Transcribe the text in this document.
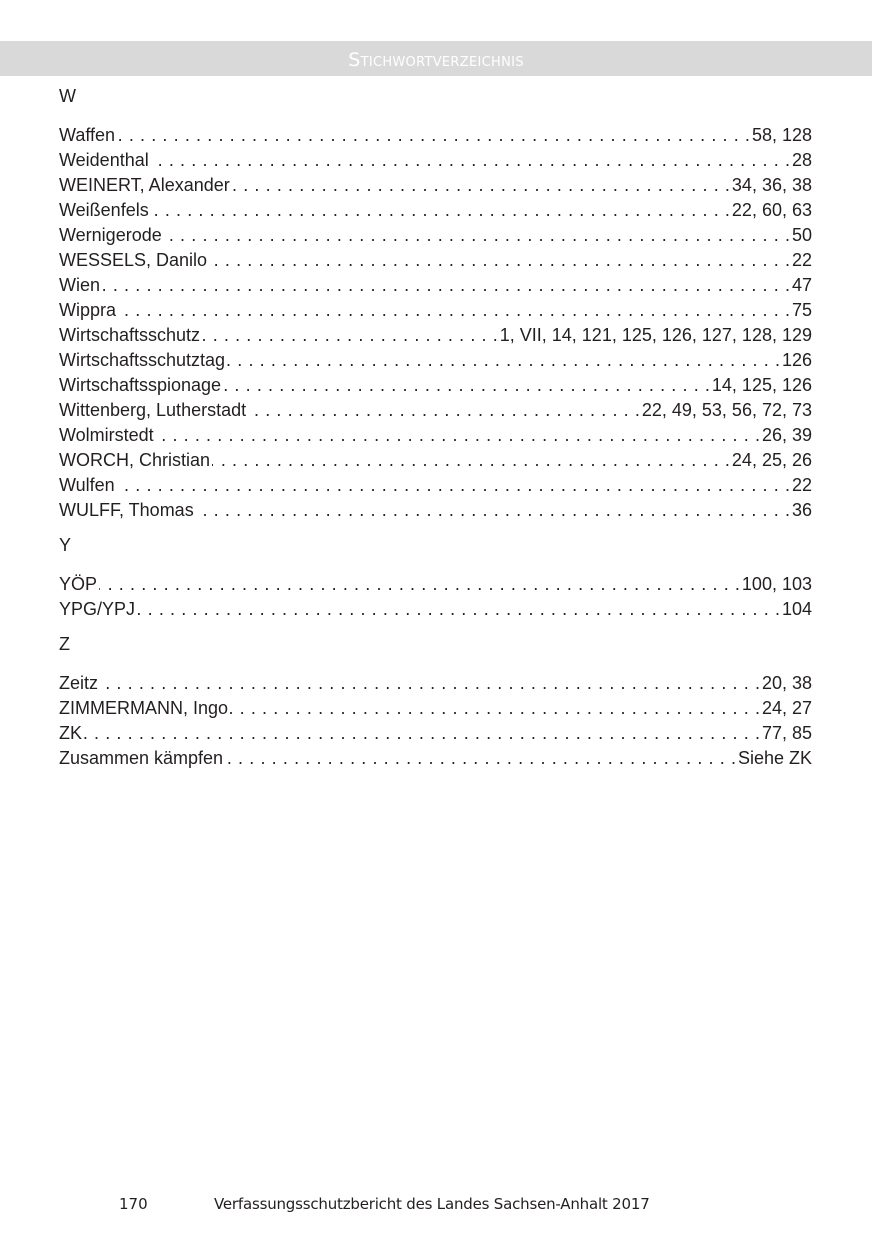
Stichwortverzeichnis
W
Waffen . . .	58, 128
Weidenthal . . .	28
WEINERT, Alexander . . .	34, 36, 38
Weißenfels . . .	22, 60, 63
Wernigerode . . .	50
WESSELS, Danilo . . .	22
Wien . . .	47
Wippra . . .	75
Wirtschaftsschutz . . .	1, VII, 14, 121, 125, 126, 127, 128, 129
Wirtschaftsschutztag . . .	126
Wirtschaftsspionage . . .	14, 125, 126
Wittenberg, Lutherstadt . . .	22, 49, 53, 56, 72, 73
Wolmirstedt . . .	26, 39
WORCH, Christian . . .	24, 25, 26
Wulfen . . .	22
WULFF, Thomas . . .	36
Y
YÖP . . .	100, 103
YPG/YPJ . . .	104
Z
Zeitz . . .	20, 38
ZIMMERMANN, Ingo . . .	24, 27
ZK . . .	77, 85
Zusammen kämpfen . . .	Siehe ZK
170	Verfassungsschutzbericht des Landes Sachsen-Anhalt 2017
